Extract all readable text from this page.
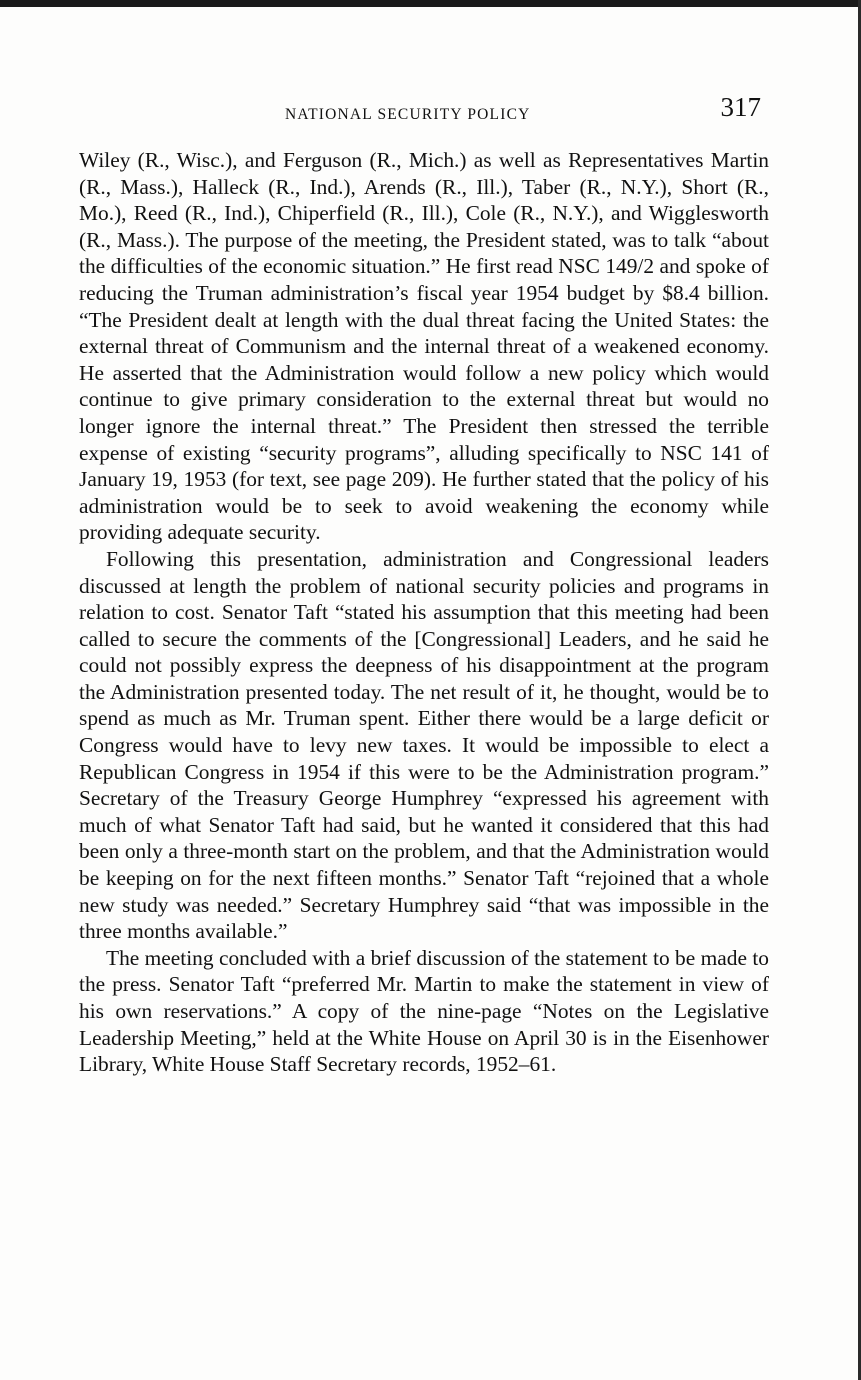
NATIONAL SECURITY POLICY	317

Wiley (R., Wisc.), and Ferguson (R., Mich.) as well as Representatives Martin (R., Mass.), Halleck (R., Ind.), Arends (R., Ill.), Taber (R., N.Y.), Short (R., Mo.), Reed (R., Ind.), Chiperfield (R., Ill.), Cole (R., N.Y.), and Wigglesworth (R., Mass.). The purpose of the meeting, the President stated, was to talk “about the difficulties of the economic situation.” He first read NSC 149/2 and spoke of reducing the Truman administration’s fiscal year 1954 budget by $8.4 billion. “The President dealt at length with the dual threat facing the United States: the external threat of Communism and the internal threat of a weakened economy. He asserted that the Administration would follow a new policy which would continue to give primary consideration to the external threat but would no longer ignore the internal threat.” The President then stressed the terrible expense of existing “security programs”, alluding specifically to NSC 141 of January 19, 1953 (for text, see page 209). He further stated that the policy of his administration would be to seek to avoid weakening the economy while providing adequate security.

Following this presentation, administration and Congressional leaders discussed at length the problem of national security policies and programs in relation to cost. Senator Taft “stated his assumption that this meeting had been called to secure the comments of the [Congressional] Leaders, and he said he could not possibly express the deepness of his disappointment at the program the Administration presented today. The net result of it, he thought, would be to spend as much as Mr. Truman spent. Either there would be a large deficit or Congress would have to levy new taxes. It would be impossible to elect a Republican Congress in 1954 if this were to be the Administration program.” Secretary of the Treasury George Humphrey “expressed his agreement with much of what Senator Taft had said, but he wanted it considered that this had been only a three-month start on the problem, and that the Administration would be keeping on for the next fifteen months.” Senator Taft “rejoined that a whole new study was needed.” Secretary Humphrey said “that was impossible in the three months available.”

The meeting concluded with a brief discussion of the statement to be made to the press. Senator Taft “preferred Mr. Martin to make the statement in view of his own reservations.” A copy of the nine-page “Notes on the Legislative Leadership Meeting,” held at the White House on April 30 is in the Eisenhower Library, White House Staff Secretary records, 1952–61.
